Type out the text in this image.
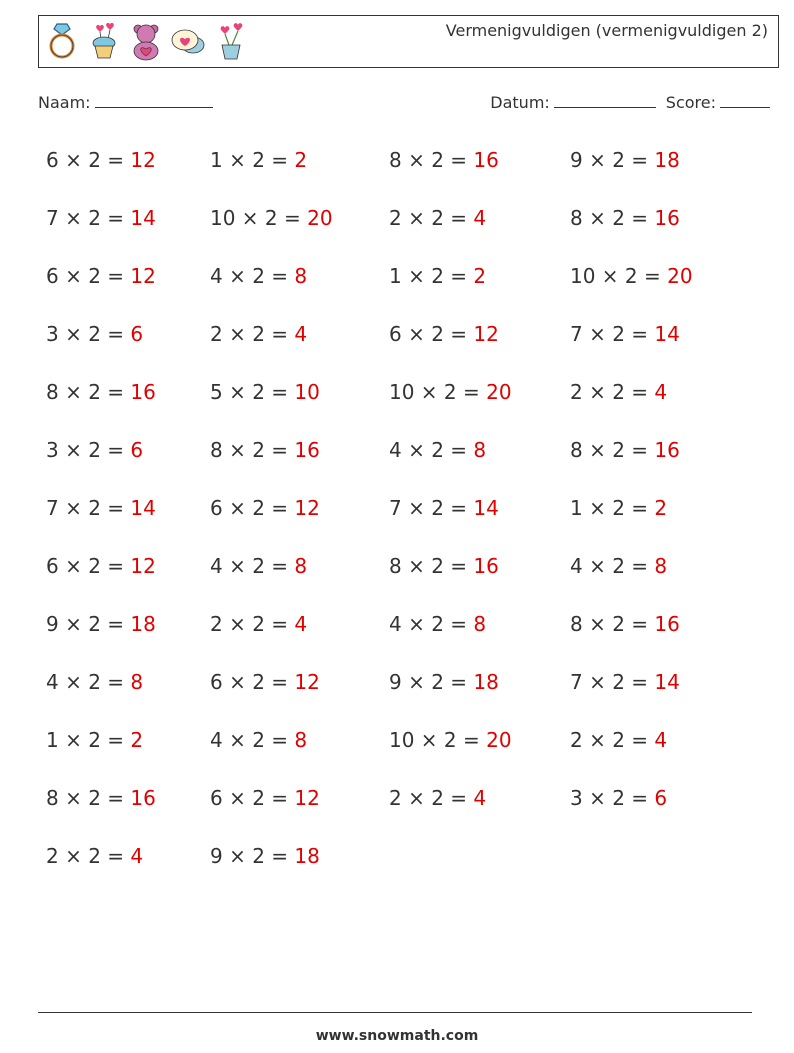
Vermenigvuldigen (vermenigvuldigen 2)
Naam:	Datum:	Score:
6 × 2 = 12	1 × 2 = 2	8 × 2 = 16	9 × 2 = 18
7 × 2 = 14	10 × 2 = 20	2 × 2 = 4	8 × 2 = 16
6 × 2 = 12	4 × 2 = 8	1 × 2 = 2	10 × 2 = 20
3 × 2 = 6	2 × 2 = 4	6 × 2 = 12	7 × 2 = 14
8 × 2 = 16	5 × 2 = 10	10 × 2 = 20	2 × 2 = 4
3 × 2 = 6	8 × 2 = 16	4 × 2 = 8	8 × 2 = 16
7 × 2 = 14	6 × 2 = 12	7 × 2 = 14	1 × 2 = 2
6 × 2 = 12	4 × 2 = 8	8 × 2 = 16	4 × 2 = 8
9 × 2 = 18	2 × 2 = 4	4 × 2 = 8	8 × 2 = 16
4 × 2 = 8	6 × 2 = 12	9 × 2 = 18	7 × 2 = 14
1 × 2 = 2	4 × 2 = 8	10 × 2 = 20	2 × 2 = 4
8 × 2 = 16	6 × 2 = 12	2 × 2 = 4	3 × 2 = 6
2 × 2 = 4	9 × 2 = 18
www.snowmath.com
